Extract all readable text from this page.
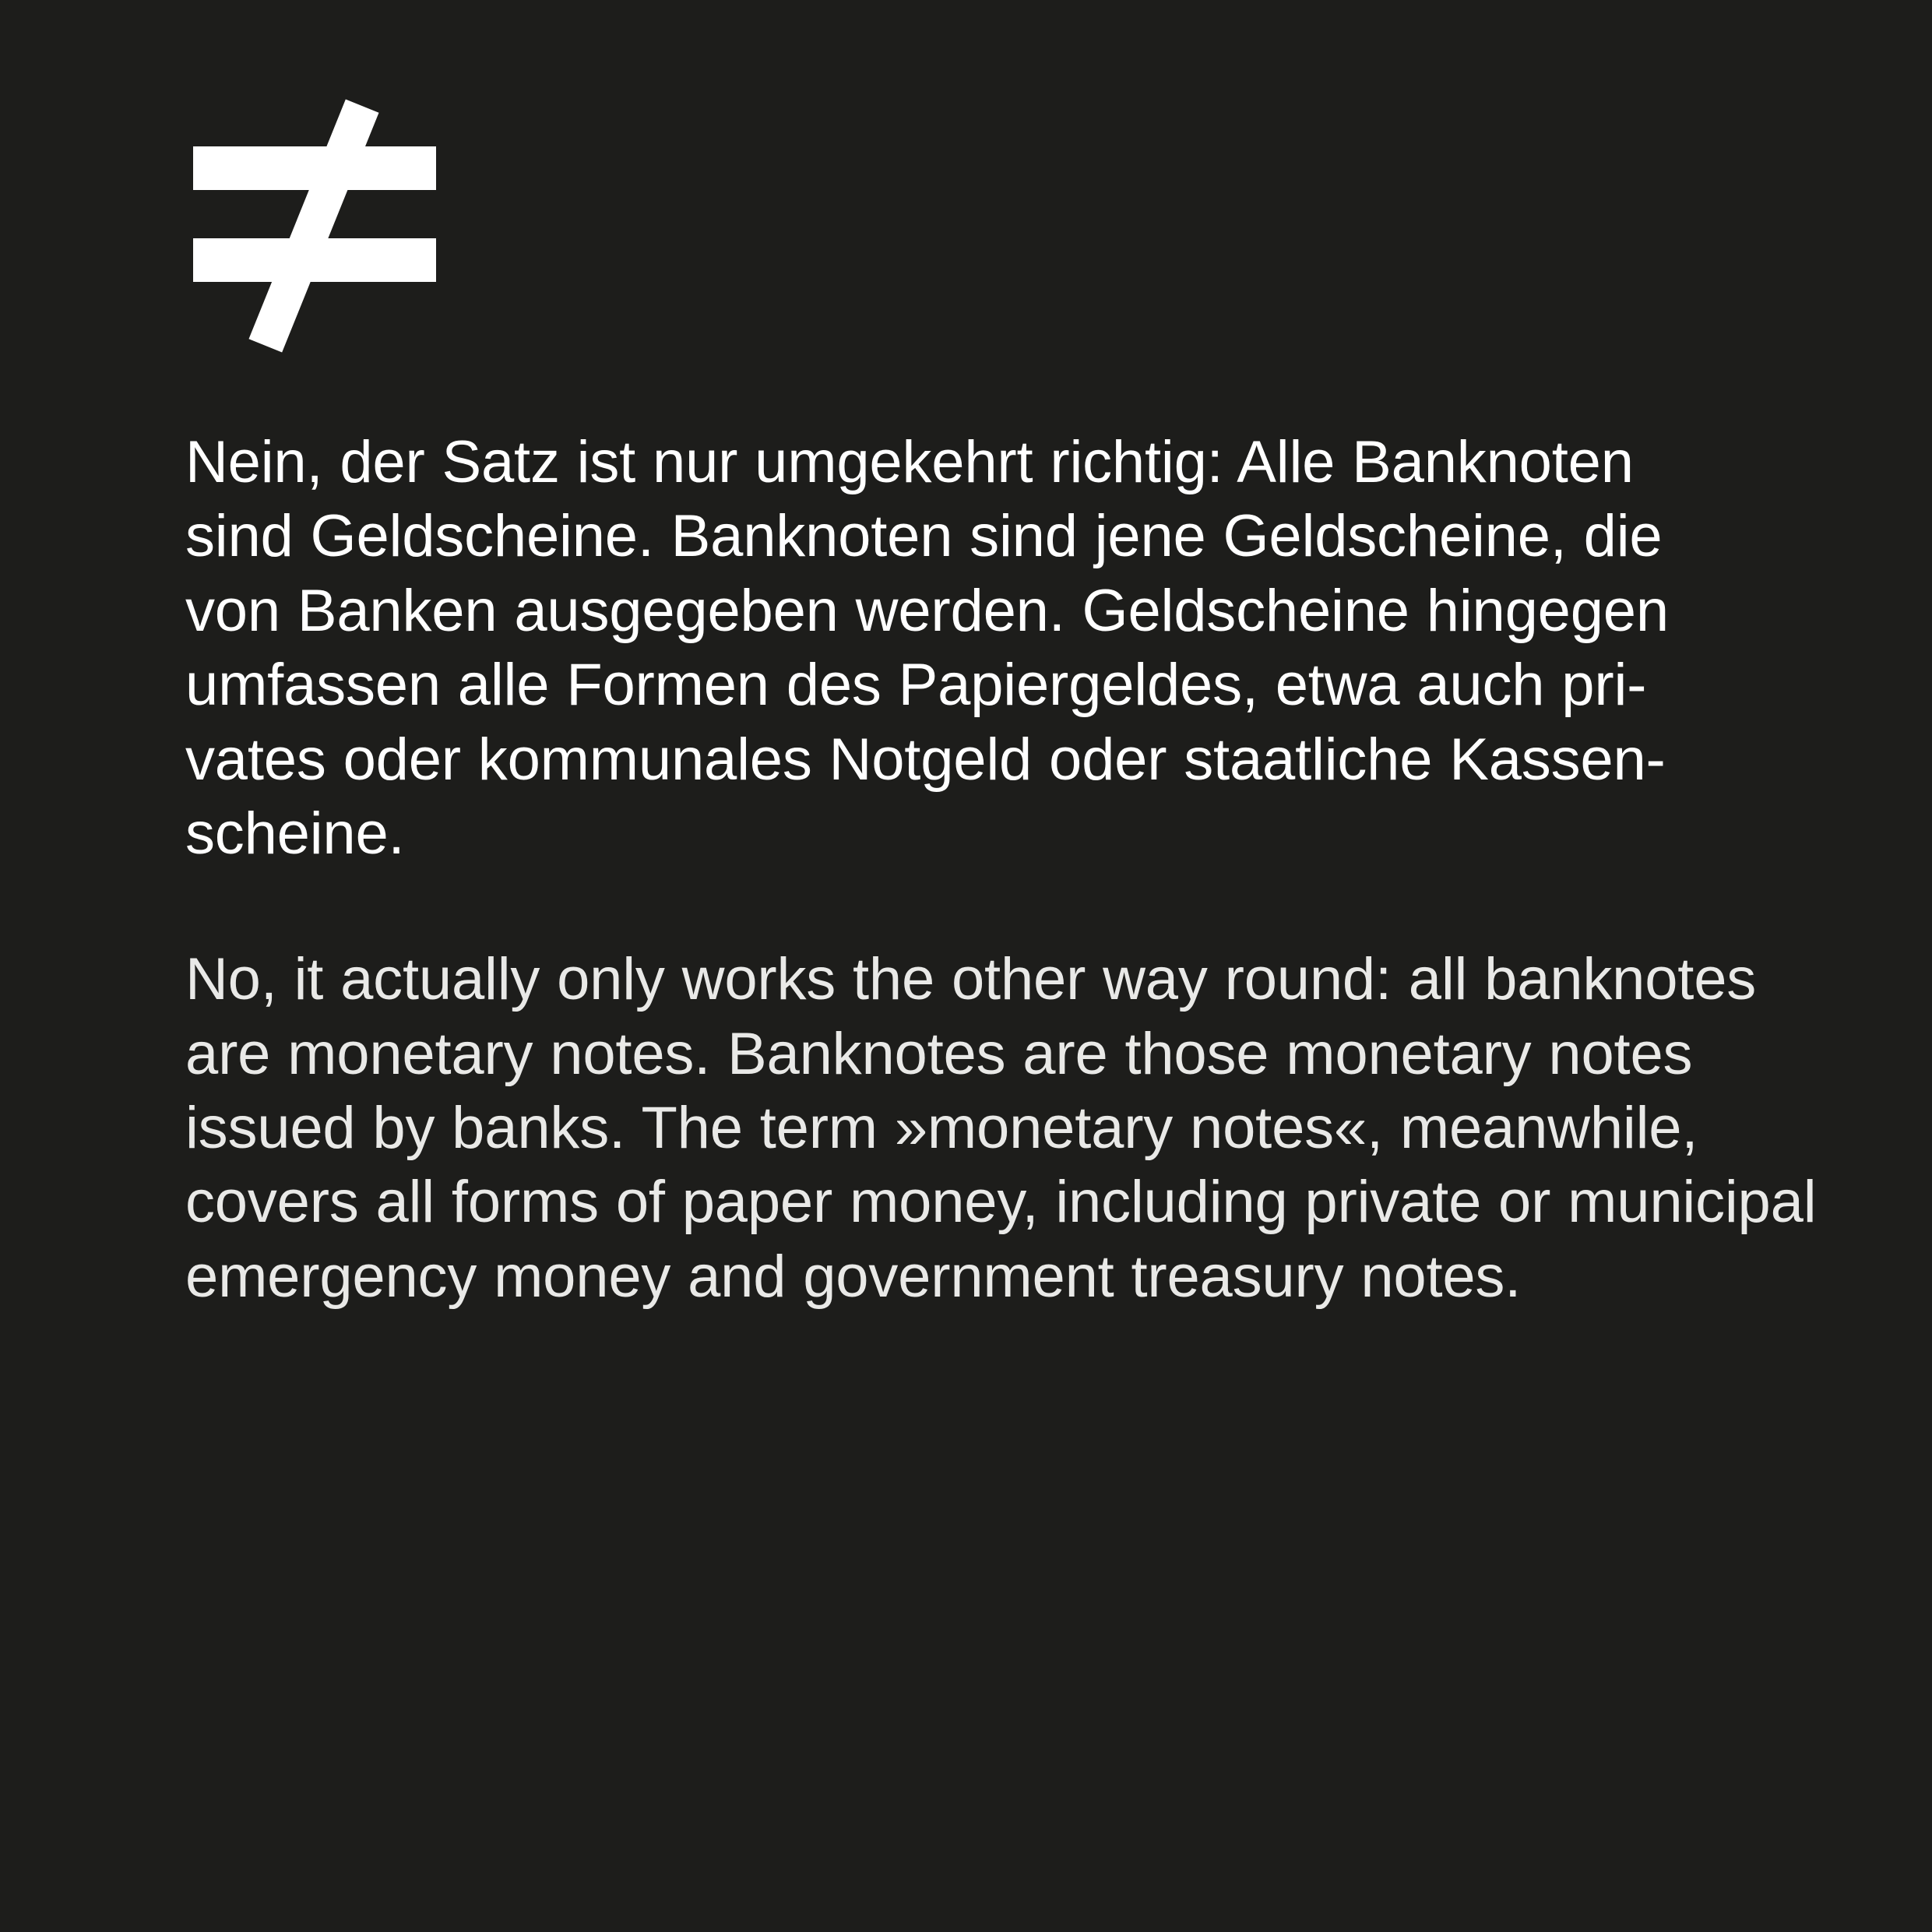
Nein, der Satz ist nur umgekehrt richtig: Alle Banknoten
sind Geldscheine. Banknoten sind jene Geldscheine, die
von Banken ausgegeben werden. Geldscheine hingegen
umfassen alle Formen des Papiergeldes, etwa auch pri-
vates oder kommunales Notgeld oder staatliche Kassen-
scheine.
No, it actually only works the other way round: all banknotes
are monetary notes. Banknotes are those monetary notes
issued by banks. The term »monetary notes«, meanwhile,
covers all forms of paper money, including private or municipal
emergency money and government treasury notes.
